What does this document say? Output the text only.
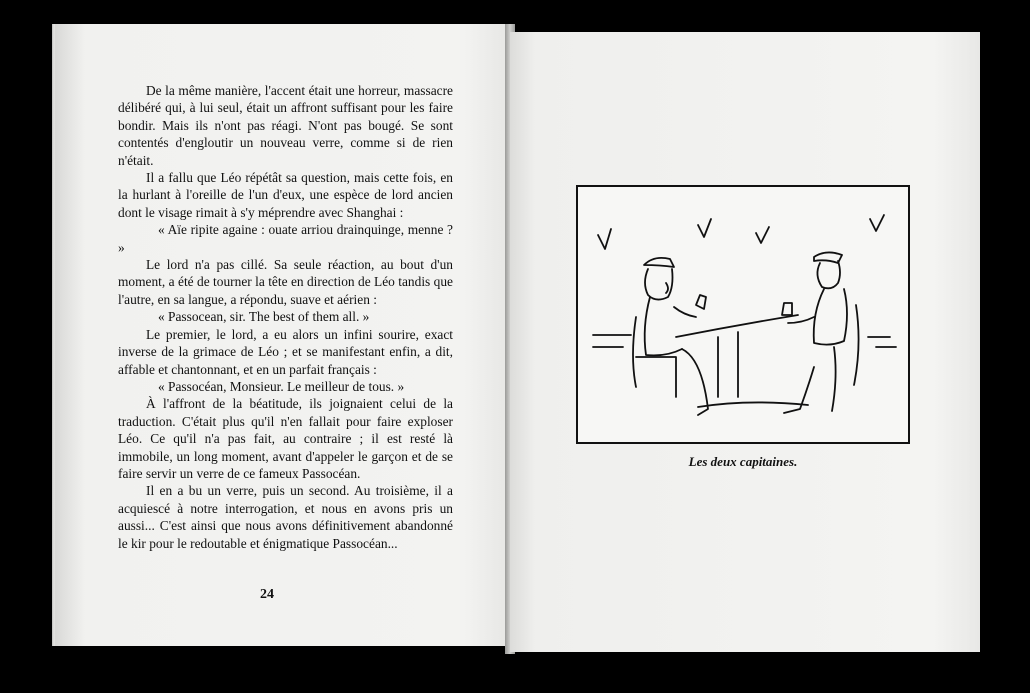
De la même manière, l'accent était une horreur, massacre délibéré qui, à lui seul, était un affront suffisant pour les faire bondir. Mais ils n'ont pas réagi. N'ont pas bougé. Se sont contentés d'engloutir un nouveau verre, comme si de rien n'était.

Il a fallu que Léo répétât sa question, mais cette fois, en la hurlant à l'oreille de l'un d'eux, une espèce de lord ancien dont le visage rimait à s'y méprendre avec Shanghai :

« Aïe ripite againe : ouate arriou drainquinge, menne ? »

Le lord n'a pas cillé. Sa seule réaction, au bout d'un moment, a été de tourner la tête en direction de Léo tandis que l'autre, en sa langue, a répondu, suave et aérien :

« Passocean, sir. The best of them all. »

Le premier, le lord, a eu alors un infini sourire, exact inverse de la grimace de Léo ; et se manifestant enfin, a dit, affable et chantonnant, et en un parfait français :

« Passocéan, Monsieur. Le meilleur de tous. »

À l'affront de la béatitude, ils joignaient celui de la traduction. C'était plus qu'il n'en fallait pour faire exploser Léo. Ce qu'il n'a pas fait, au contraire ; il est resté là immobile, un long moment, avant d'appeler le garçon et de se faire servir un verre de ce fameux Passocéan.

Il en a bu un verre, puis un second. Au troisième, il a acquiescé à notre interrogation, et nous en avons pris un aussi... C'est ainsi que nous avons définitivement abandonné le kir pour le redoutable et énigmatique Passocéan...

24
Les deux capitaines.
